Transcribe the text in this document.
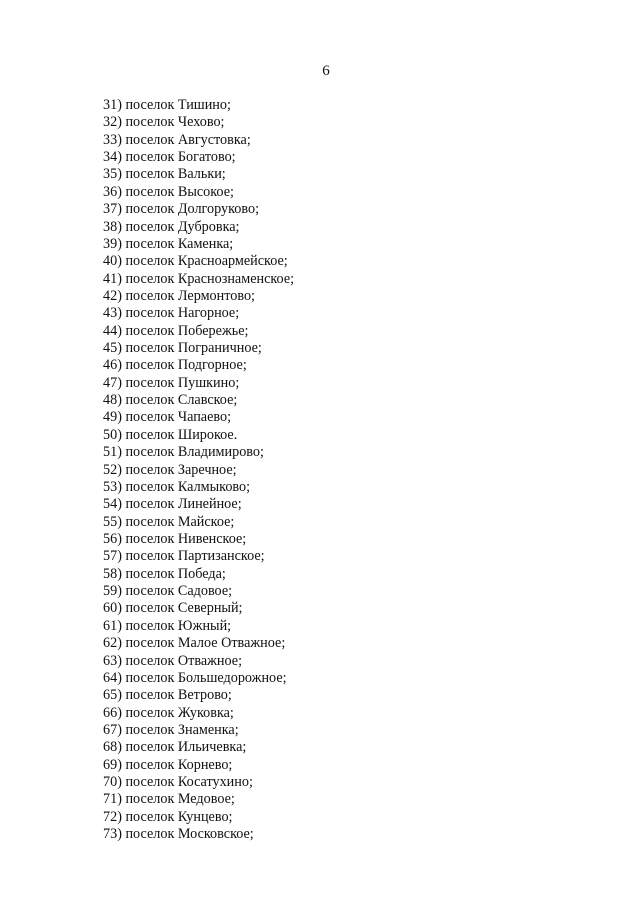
6
31) поселок Тишино;
32) поселок Чехово;
33) поселок Августовка;
34) поселок Богатово;
35) поселок Вальки;
36) поселок Высокое;
37) поселок Долгоруково;
38) поселок Дубровка;
39) поселок Каменка;
40) поселок Красноармейское;
41) поселок Краснознаменское;
42) поселок Лермонтово;
43) поселок Нагорное;
44) поселок Побережье;
45) поселок Пограничное;
46) поселок Подгорное;
47) поселок Пушкино;
48) поселок Славское;
49) поселок Чапаево;
50) поселок Широкое.
51) поселок Владимирово;
52) поселок Заречное;
53) поселок Калмыково;
54) поселок Линейное;
55) поселок Майское;
56) поселок Нивенское;
57) поселок Партизанское;
58) поселок Победа;
59) поселок Садовое;
60) поселок Северный;
61) поселок Южный;
62) поселок Малое Отважное;
63) поселок Отважное;
64) поселок Большедорожное;
65) поселок Ветрово;
66) поселок Жуковка;
67) поселок Знаменка;
68) поселок Ильичевка;
69) поселок Корнево;
70) поселок Косатухино;
71) поселок Медовое;
72) поселок Кунцево;
73) поселок Московское;
